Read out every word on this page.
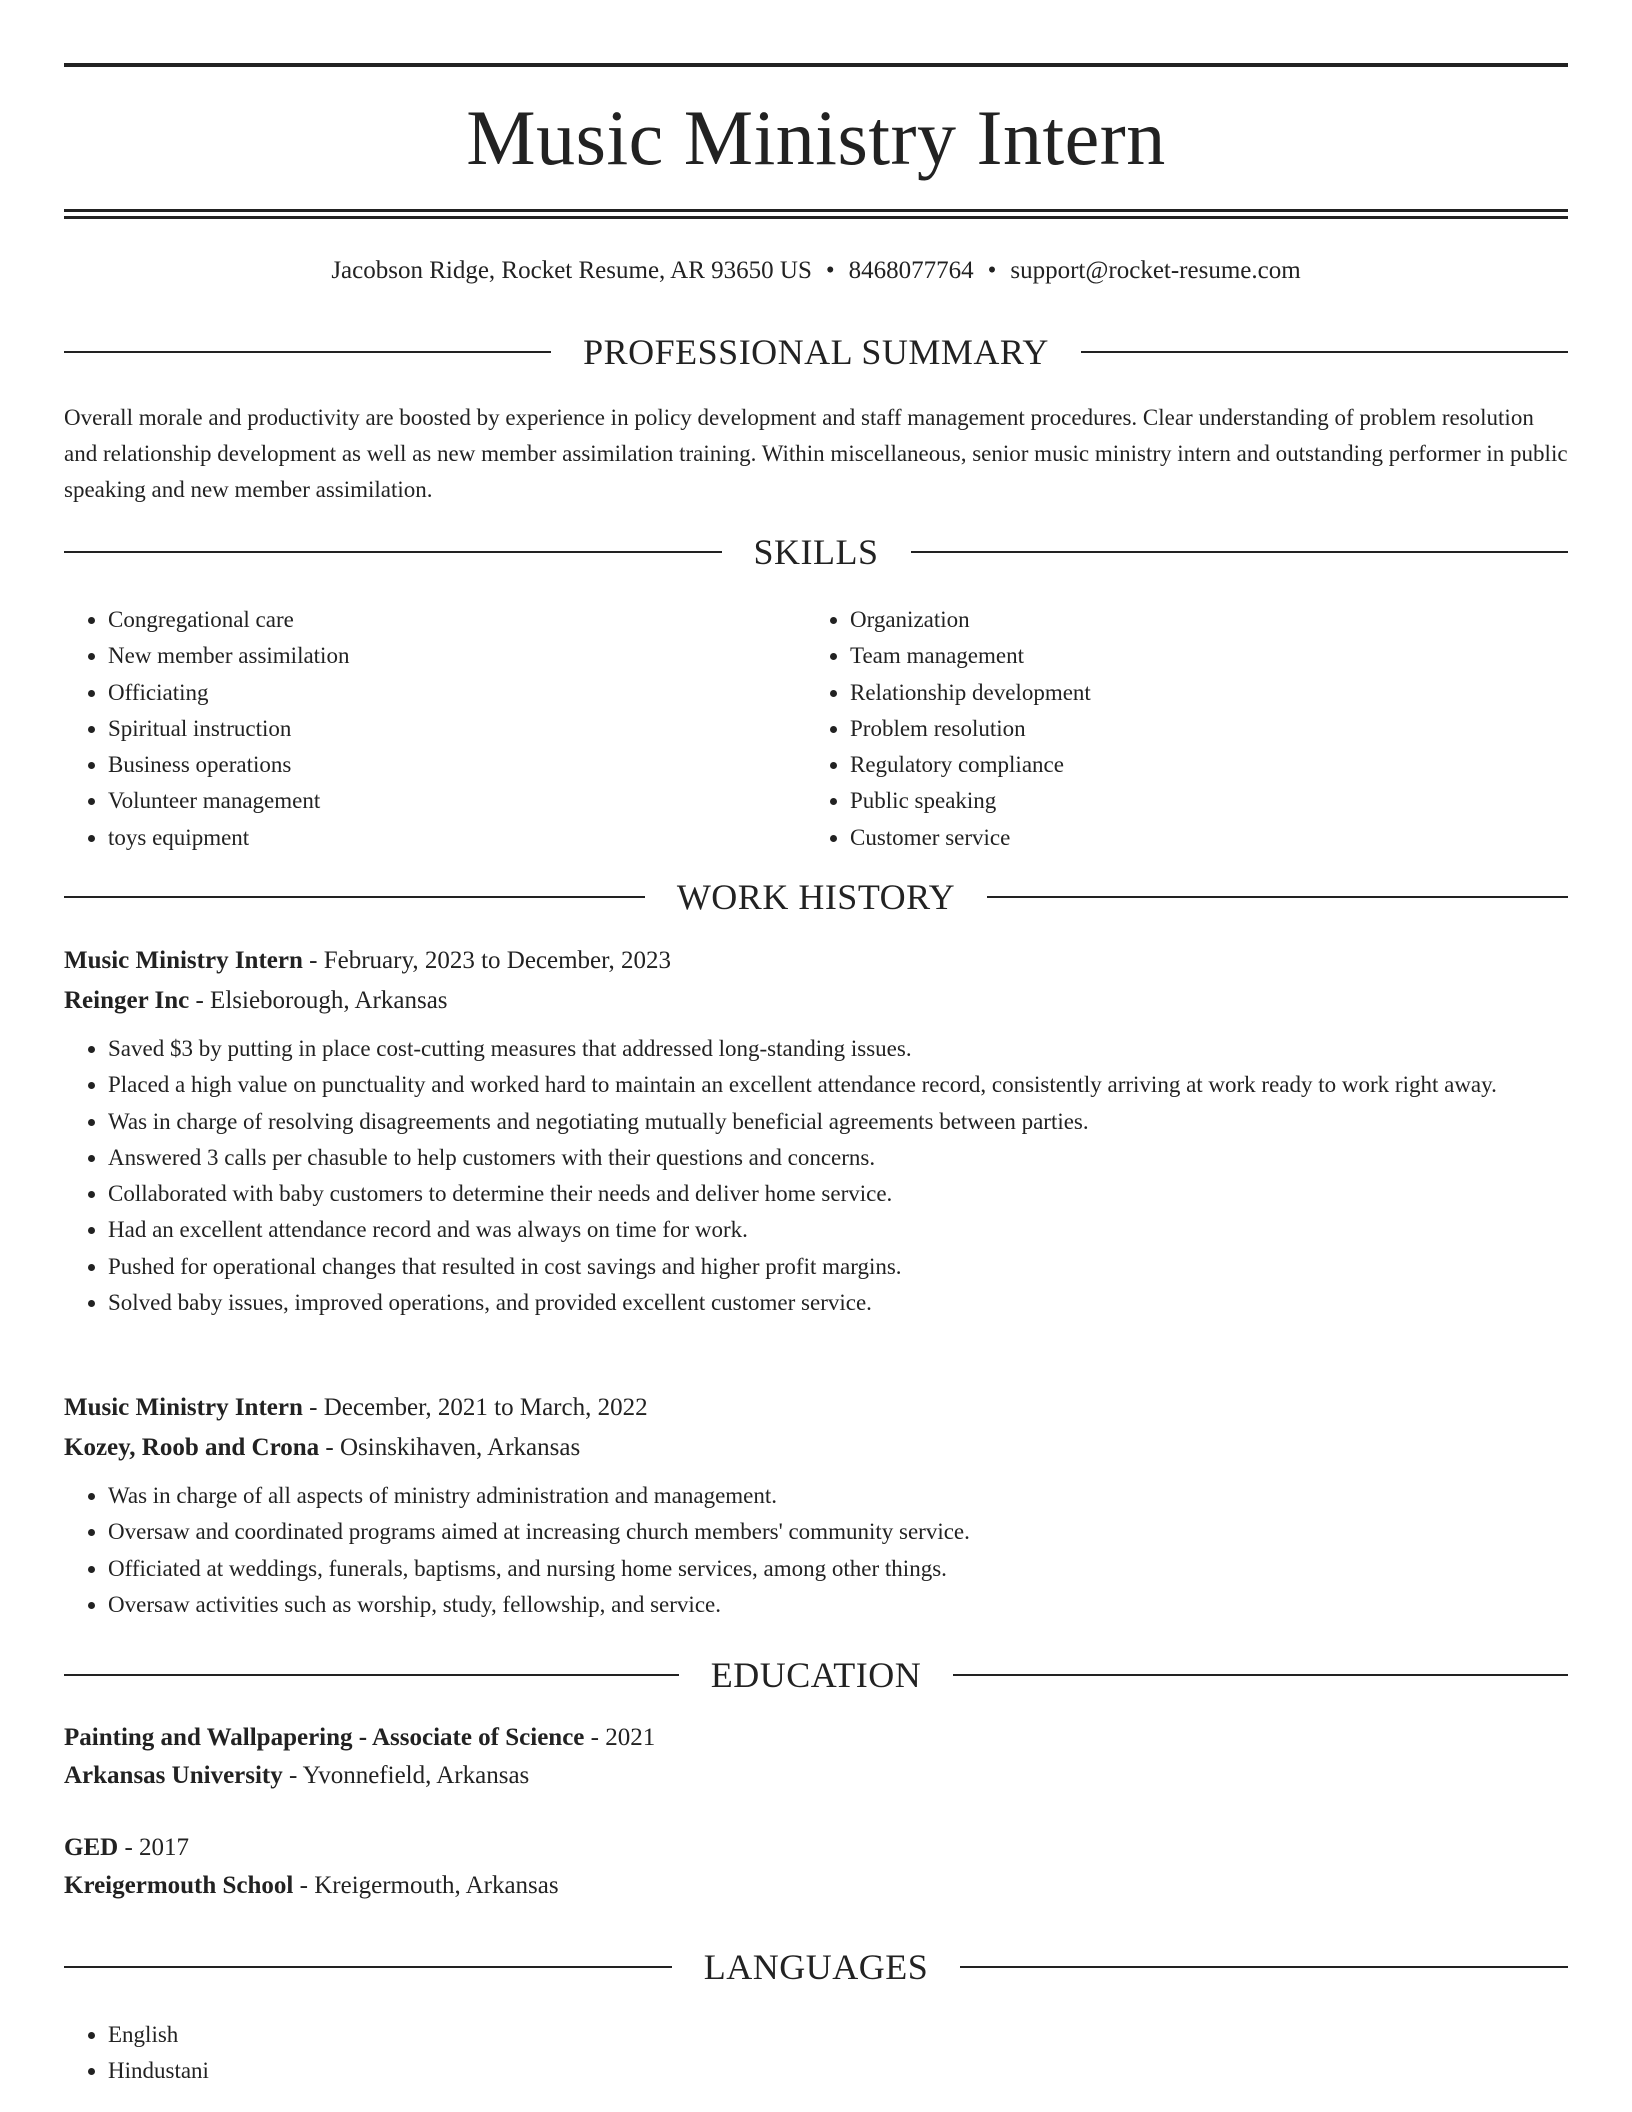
Music Ministry Intern
Jacobson Ridge, Rocket Resume, AR 93650 US • 8468077764 • support@rocket-resume.com
PROFESSIONAL SUMMARY
Overall morale and productivity are boosted by experience in policy development and staff management procedures. Clear understanding of problem resolution and relationship development as well as new member assimilation training. Within miscellaneous, senior music ministry intern and outstanding performer in public speaking and new member assimilation.
SKILLS
• Congregational care
• New member assimilation
• Officiating
• Spiritual instruction
• Business operations
• Volunteer management
• toys equipment
• Organization
• Team management
• Relationship development
• Problem resolution
• Regulatory compliance
• Public speaking
• Customer service
WORK HISTORY
Music Ministry Intern - February, 2023 to December, 2023
Reinger Inc - Elsieborough, Arkansas
• Saved $3 by putting in place cost-cutting measures that addressed long-standing issues.
• Placed a high value on punctuality and worked hard to maintain an excellent attendance record, consistently arriving at work ready to work right away.
• Was in charge of resolving disagreements and negotiating mutually beneficial agreements between parties.
• Answered 3 calls per chasuble to help customers with their questions and concerns.
• Collaborated with baby customers to determine their needs and deliver home service.
• Had an excellent attendance record and was always on time for work.
• Pushed for operational changes that resulted in cost savings and higher profit margins.
• Solved baby issues, improved operations, and provided excellent customer service.
Music Ministry Intern - December, 2021 to March, 2022
Kozey, Roob and Crona - Osinskihaven, Arkansas
• Was in charge of all aspects of ministry administration and management.
• Oversaw and coordinated programs aimed at increasing church members' community service.
• Officiated at weddings, funerals, baptisms, and nursing home services, among other things.
• Oversaw activities such as worship, study, fellowship, and service.
EDUCATION
Painting and Wallpapering - Associate of Science - 2021
Arkansas University - Yvonnefield, Arkansas
GED - 2017
Kreigermouth School - Kreigermouth, Arkansas
LANGUAGES
• English
• Hindustani
